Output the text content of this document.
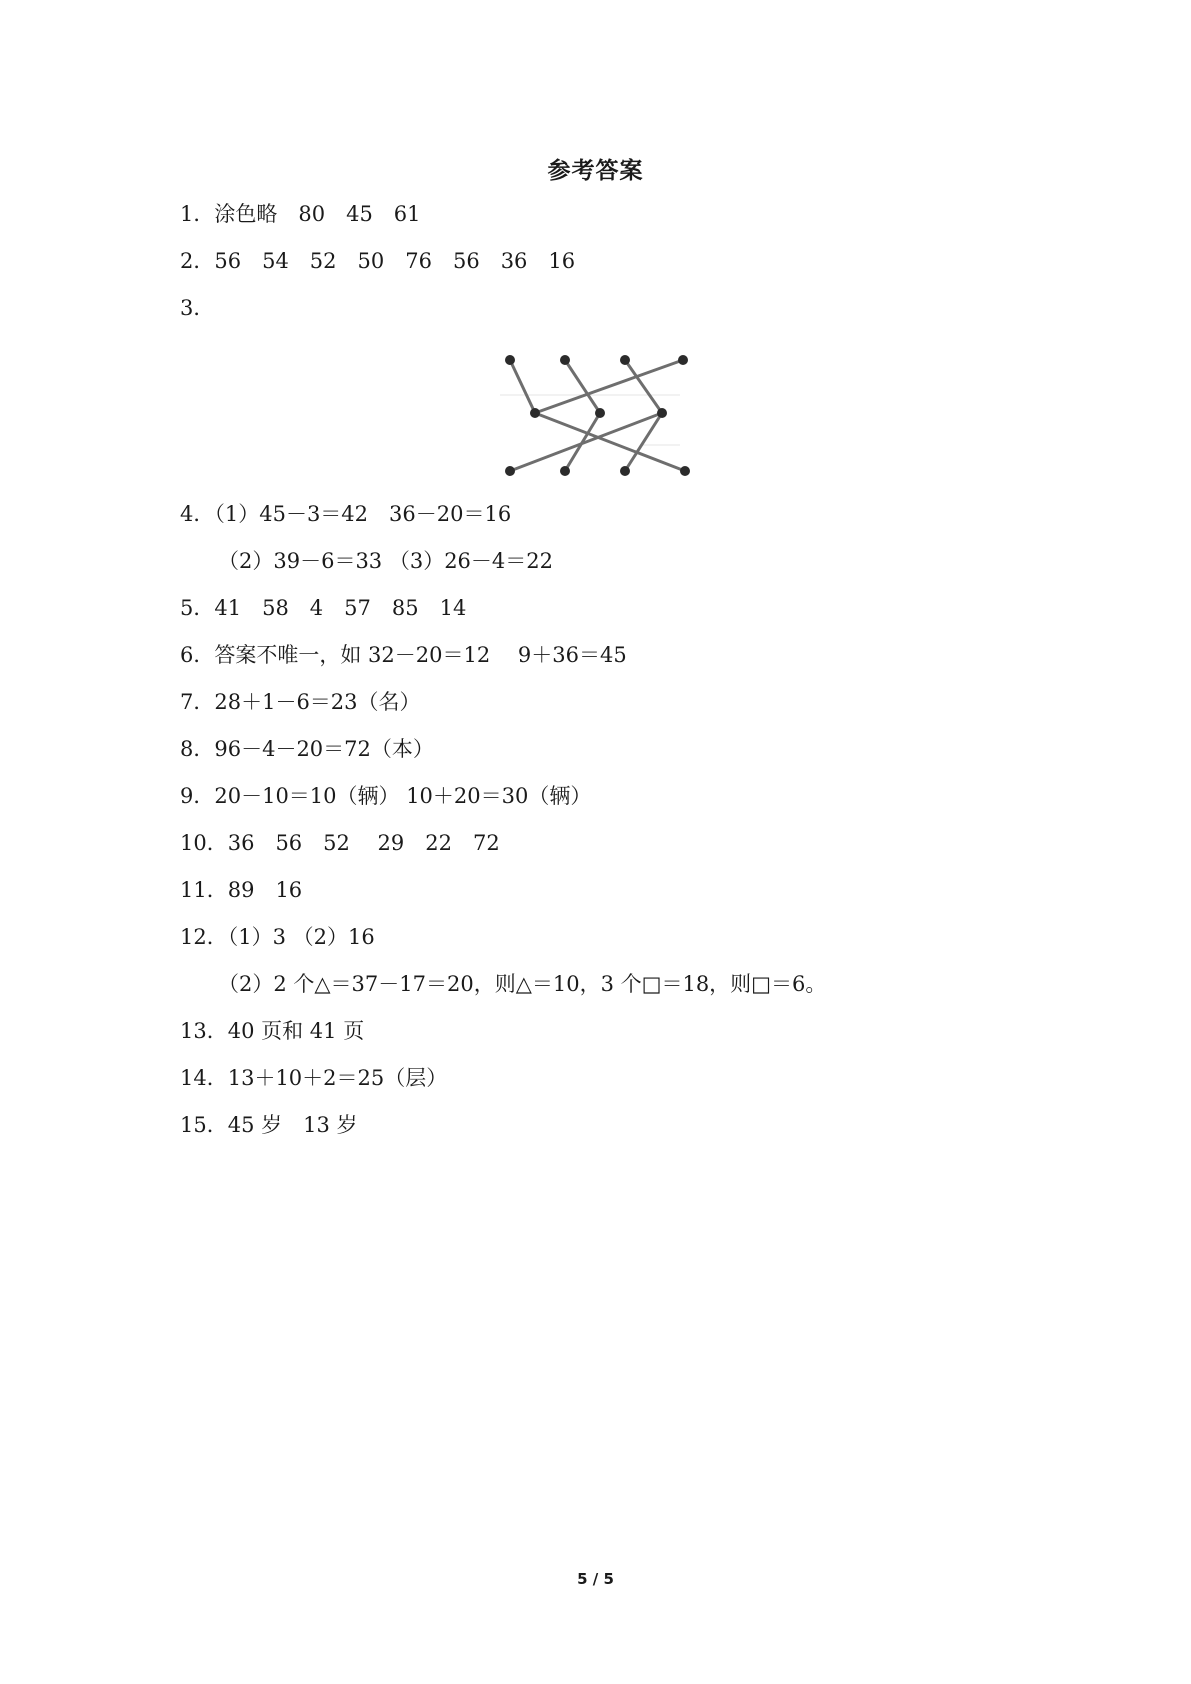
参考答案
1．涂色略　80　45　61
2．56　54　52　50　76　56　36　16
3．
4．（1）45－3＝42　36－20＝16
（2）39－6＝33 （3）26－4＝22
5．41　58　4　57　85　14
6．答案不唯一，如 32－20＝12　 9＋36＝45
7．28＋1－6＝23（名）
8．96－4－20＝72（本）
9．20－10＝10（辆） 10＋20＝30（辆）
10．36　56　52　 29　22　72
11．89　16
12．（1）3 （2）16
（2）2 个△＝37－17＝20，则△＝10，3 个□＝18，则□＝6。
13．40 页和 41 页
14．13＋10＋2＝25（层）
15．45 岁　13 岁
5 / 5
